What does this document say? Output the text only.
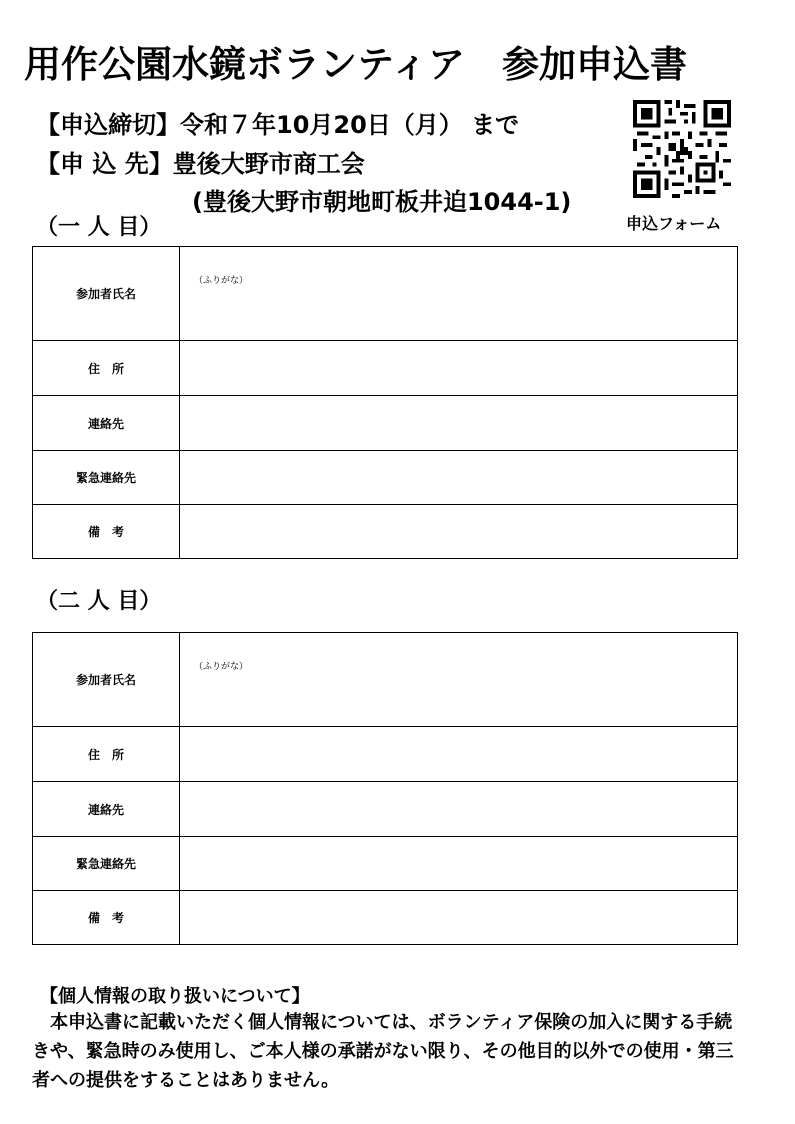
用作公園水鏡ボランティア　参加申込書
【申込締切】令和７年10月20日（月） まで
【申 込 先】豊後大野市商工会
(豊後大野市朝地町板井迫1044-1)
申込フォーム
（一 人 目）
参加者氏名	（ふりがな）

住　所	
連絡先	
緊急連絡先	
備　考	
（二 人 目）
参加者氏名	（ふりがな）

住　所	
連絡先	
緊急連絡先	
備　考	
【個人情報の取り扱いについて】
本申込書に記載いただく個人情報については、ボランティア保険の加入に関する手続きや、緊急時のみ使用し、ご本人様の承諾がない限り、その他目的以外での使用・第三者への提供をすることはありません。
